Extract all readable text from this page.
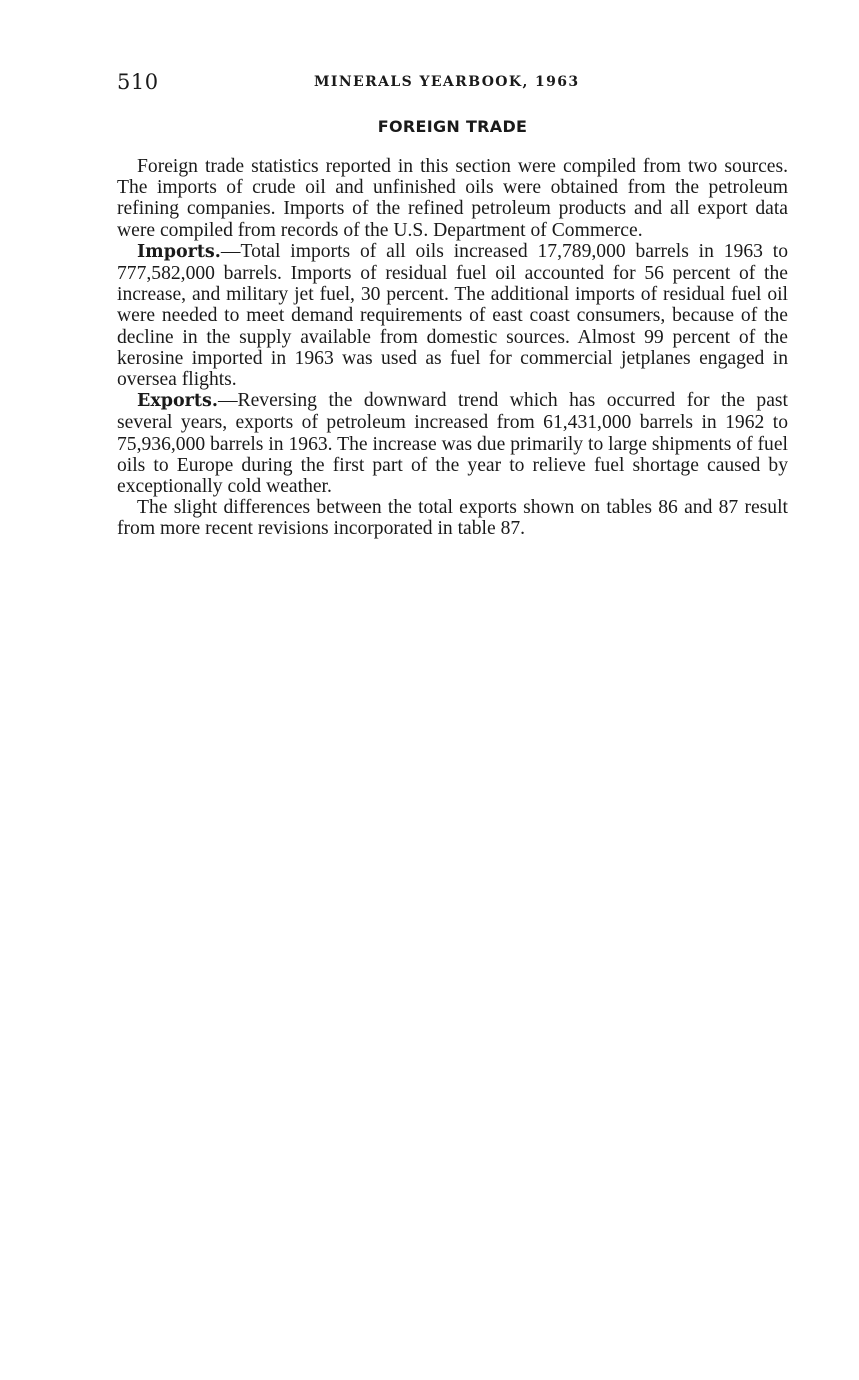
510	MINERALS YEARBOOK, 1963
FOREIGN TRADE

Foreign trade statistics reported in this section were compiled from two sources. The imports of crude oil and unfinished oils were obtained from the petroleum refining companies. Imports of the refined petroleum products and all export data were compiled from records of the U.S. Department of Commerce.

Imports.—Total imports of all oils increased 17,789,000 barrels in 1963 to 777,582,000 barrels. Imports of residual fuel oil accounted for 56 percent of the increase, and military jet fuel, 30 percent. The additional imports of residual fuel oil were needed to meet demand requirements of east coast consumers, because of the decline in the supply available from domestic sources. Almost 99 percent of the kerosine imported in 1963 was used as fuel for commercial jetplanes engaged in oversea flights.

Exports.—Reversing the downward trend which has occurred for the past several years, exports of petroleum increased from 61,431,000 barrels in 1962 to 75,936,000 barrels in 1963. The increase was due primarily to large shipments of fuel oils to Europe during the first part of the year to relieve fuel shortage caused by exceptionally cold weather.

The slight differences between the total exports shown on tables 86 and 87 result from more recent revisions incorporated in table 87.
